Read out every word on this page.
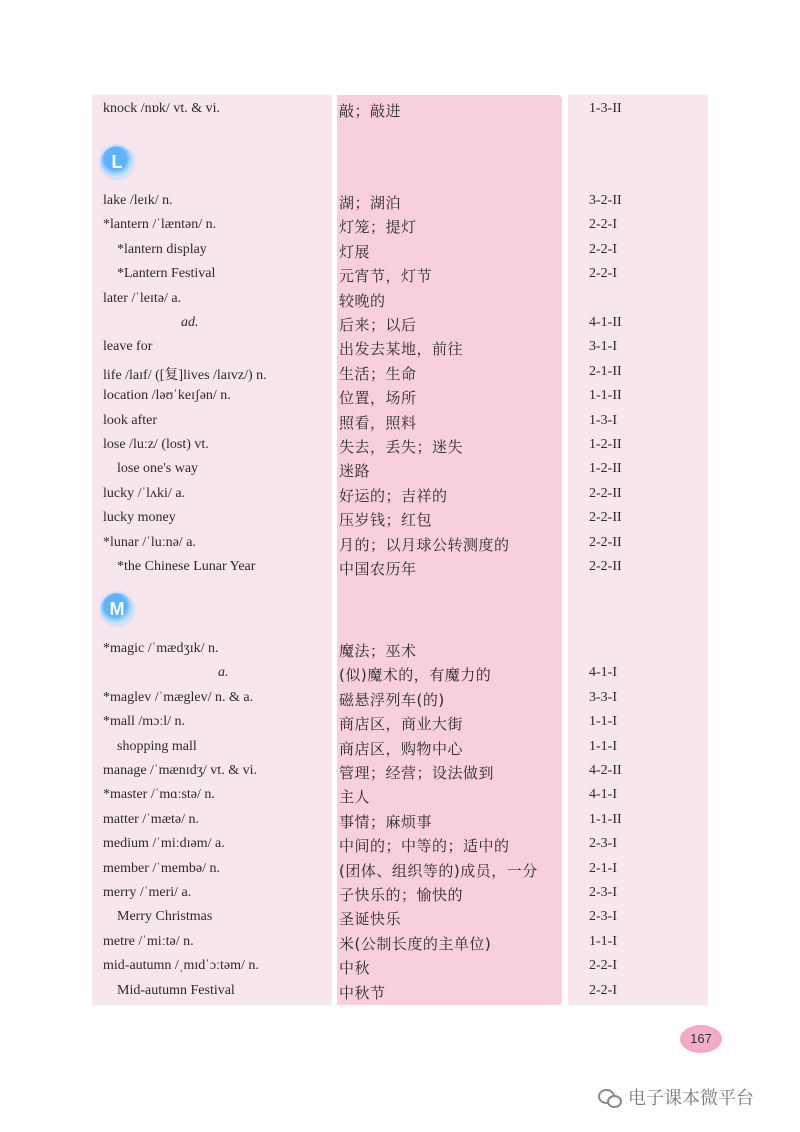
knock /nɒk/ vt. & vi.	敲；敲进	1-3-II
L
lake /leɪk/ n.	湖；湖泊	3-2-II
*lantern /ˈlæntən/ n.	灯笼；提灯	2-2-I
*lantern display	灯展	2-2-I
*Lantern Festival	元宵节，灯节	2-2-I
later /ˈleɪtə/ a.	较晚的
ad.	后来；以后	4-1-II
leave for	出发去某地，前往	3-1-I
life /laɪf/ ([复]lives /laɪvz/) n.	生活；生命	2-1-II
location /ləʊˈkeɪʃən/ n.	位置，场所	1-1-II
look after	照看，照料	1-3-I
lose /luːz/ (lost) vt.	失去，丢失；迷失	1-2-II
lose one's way	迷路	1-2-II
lucky /ˈlʌki/ a.	好运的；吉祥的	2-2-II
lucky money	压岁钱；红包	2-2-II
*lunar /ˈluːnə/ a.	月的；以月球公转测度的	2-2-II
*the Chinese Lunar Year	中国农历年	2-2-II
M
*magic /ˈmædʒɪk/ n.	魔法；巫术
a.	(似)魔术的，有魔力的	4-1-I
*maglev /ˈmæglev/ n. & a.	磁悬浮列车(的)	3-3-I
*mall /mɔːl/ n.	商店区，商业大街	1-1-I
shopping mall	商店区，购物中心	1-1-I
manage /ˈmænɪdʒ/ vt. & vi.	管理；经营；设法做到	4-2-II
*master /ˈmɑːstə/ n.	主人	4-1-I
matter /ˈmætə/ n.	事情；麻烦事	1-1-II
medium /ˈmiːdɪəm/ a.	中间的；中等的；适中的	2-3-I
member /ˈmembə/ n.	(团体、组织等的)成员，一分	2-1-I
merry /ˈmeri/ a.	子快乐的；愉快的	2-3-I
Merry Christmas	圣诞快乐	2-3-I
metre /ˈmiːtə/ n.	米(公制长度的主单位)	1-1-I
mid-autumn /ˌmɪdˈɔːtəm/ n.	中秋	2-2-I
Mid-autumn Festival	中秋节	2-2-I
167
电子课本微平台
